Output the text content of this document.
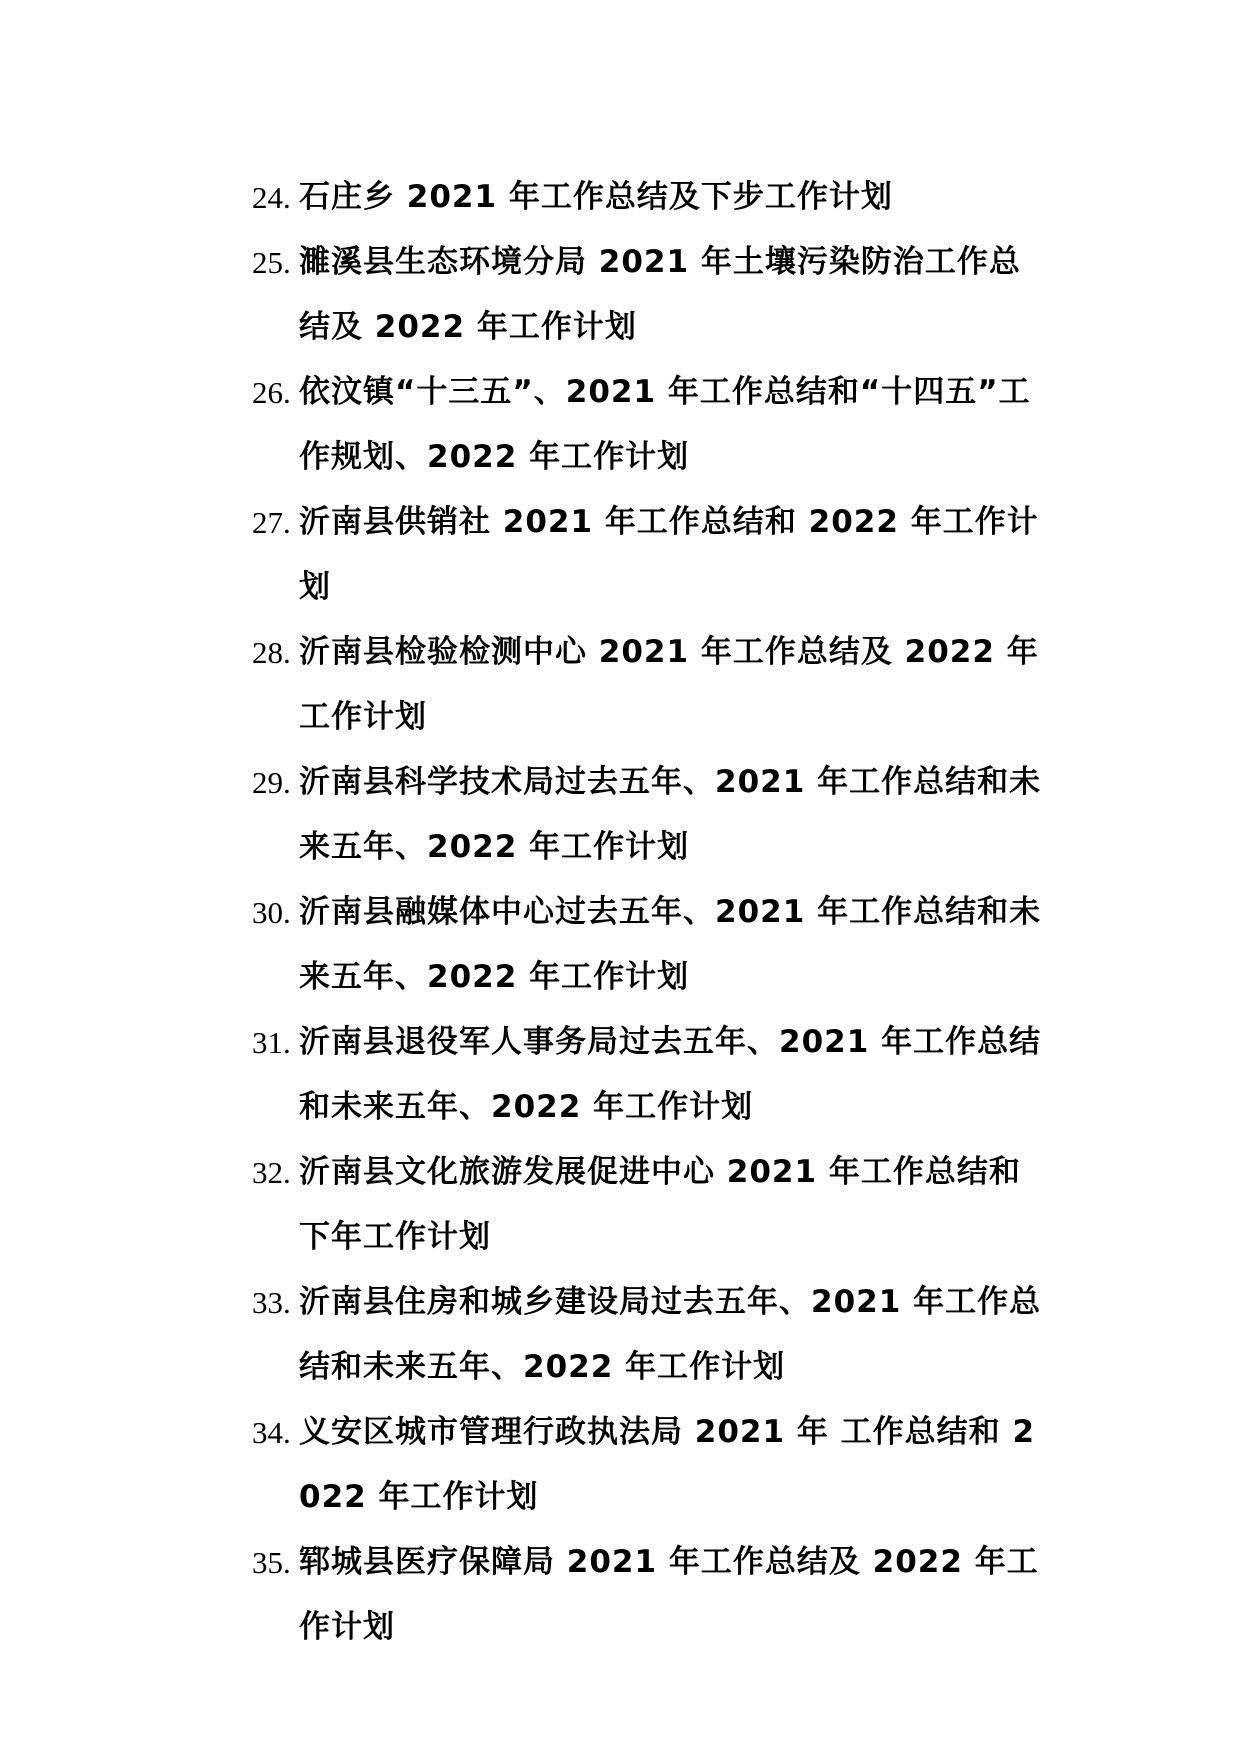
24. 石庄乡 2021 年工作总结及下步工作计划
25. 濉溪县生态环境分局 2021 年土壤污染防治工作总结及 2022 年工作计划
26. 依汶镇“十三五”、2021 年工作总结和“十四五”工作规划、2022 年工作计划
27. 沂南县供销社 2021 年工作总结和 2022 年工作计划
28. 沂南县检验检测中心 2021 年工作总结及 2022 年工作计划
29. 沂南县科学技术局过去五年、2021 年工作总结和未来五年、2022 年工作计划
30. 沂南县融媒体中心过去五年、2021 年工作总结和未来五年、2022 年工作计划
31. 沂南县退役军人事务局过去五年、2021 年工作总结和未来五年、2022 年工作计划
32. 沂南县文化旅游发展促进中心 2021 年工作总结和下年工作计划
33. 沂南县住房和城乡建设局过去五年、2021 年工作总结和未来五年、2022 年工作计划
34. 义安区城市管理行政执法局 2021 年 工作总结和 2022 年工作计划
35. 郓城县医疗保障局 2021 年工作总结及 2022 年工作计划
